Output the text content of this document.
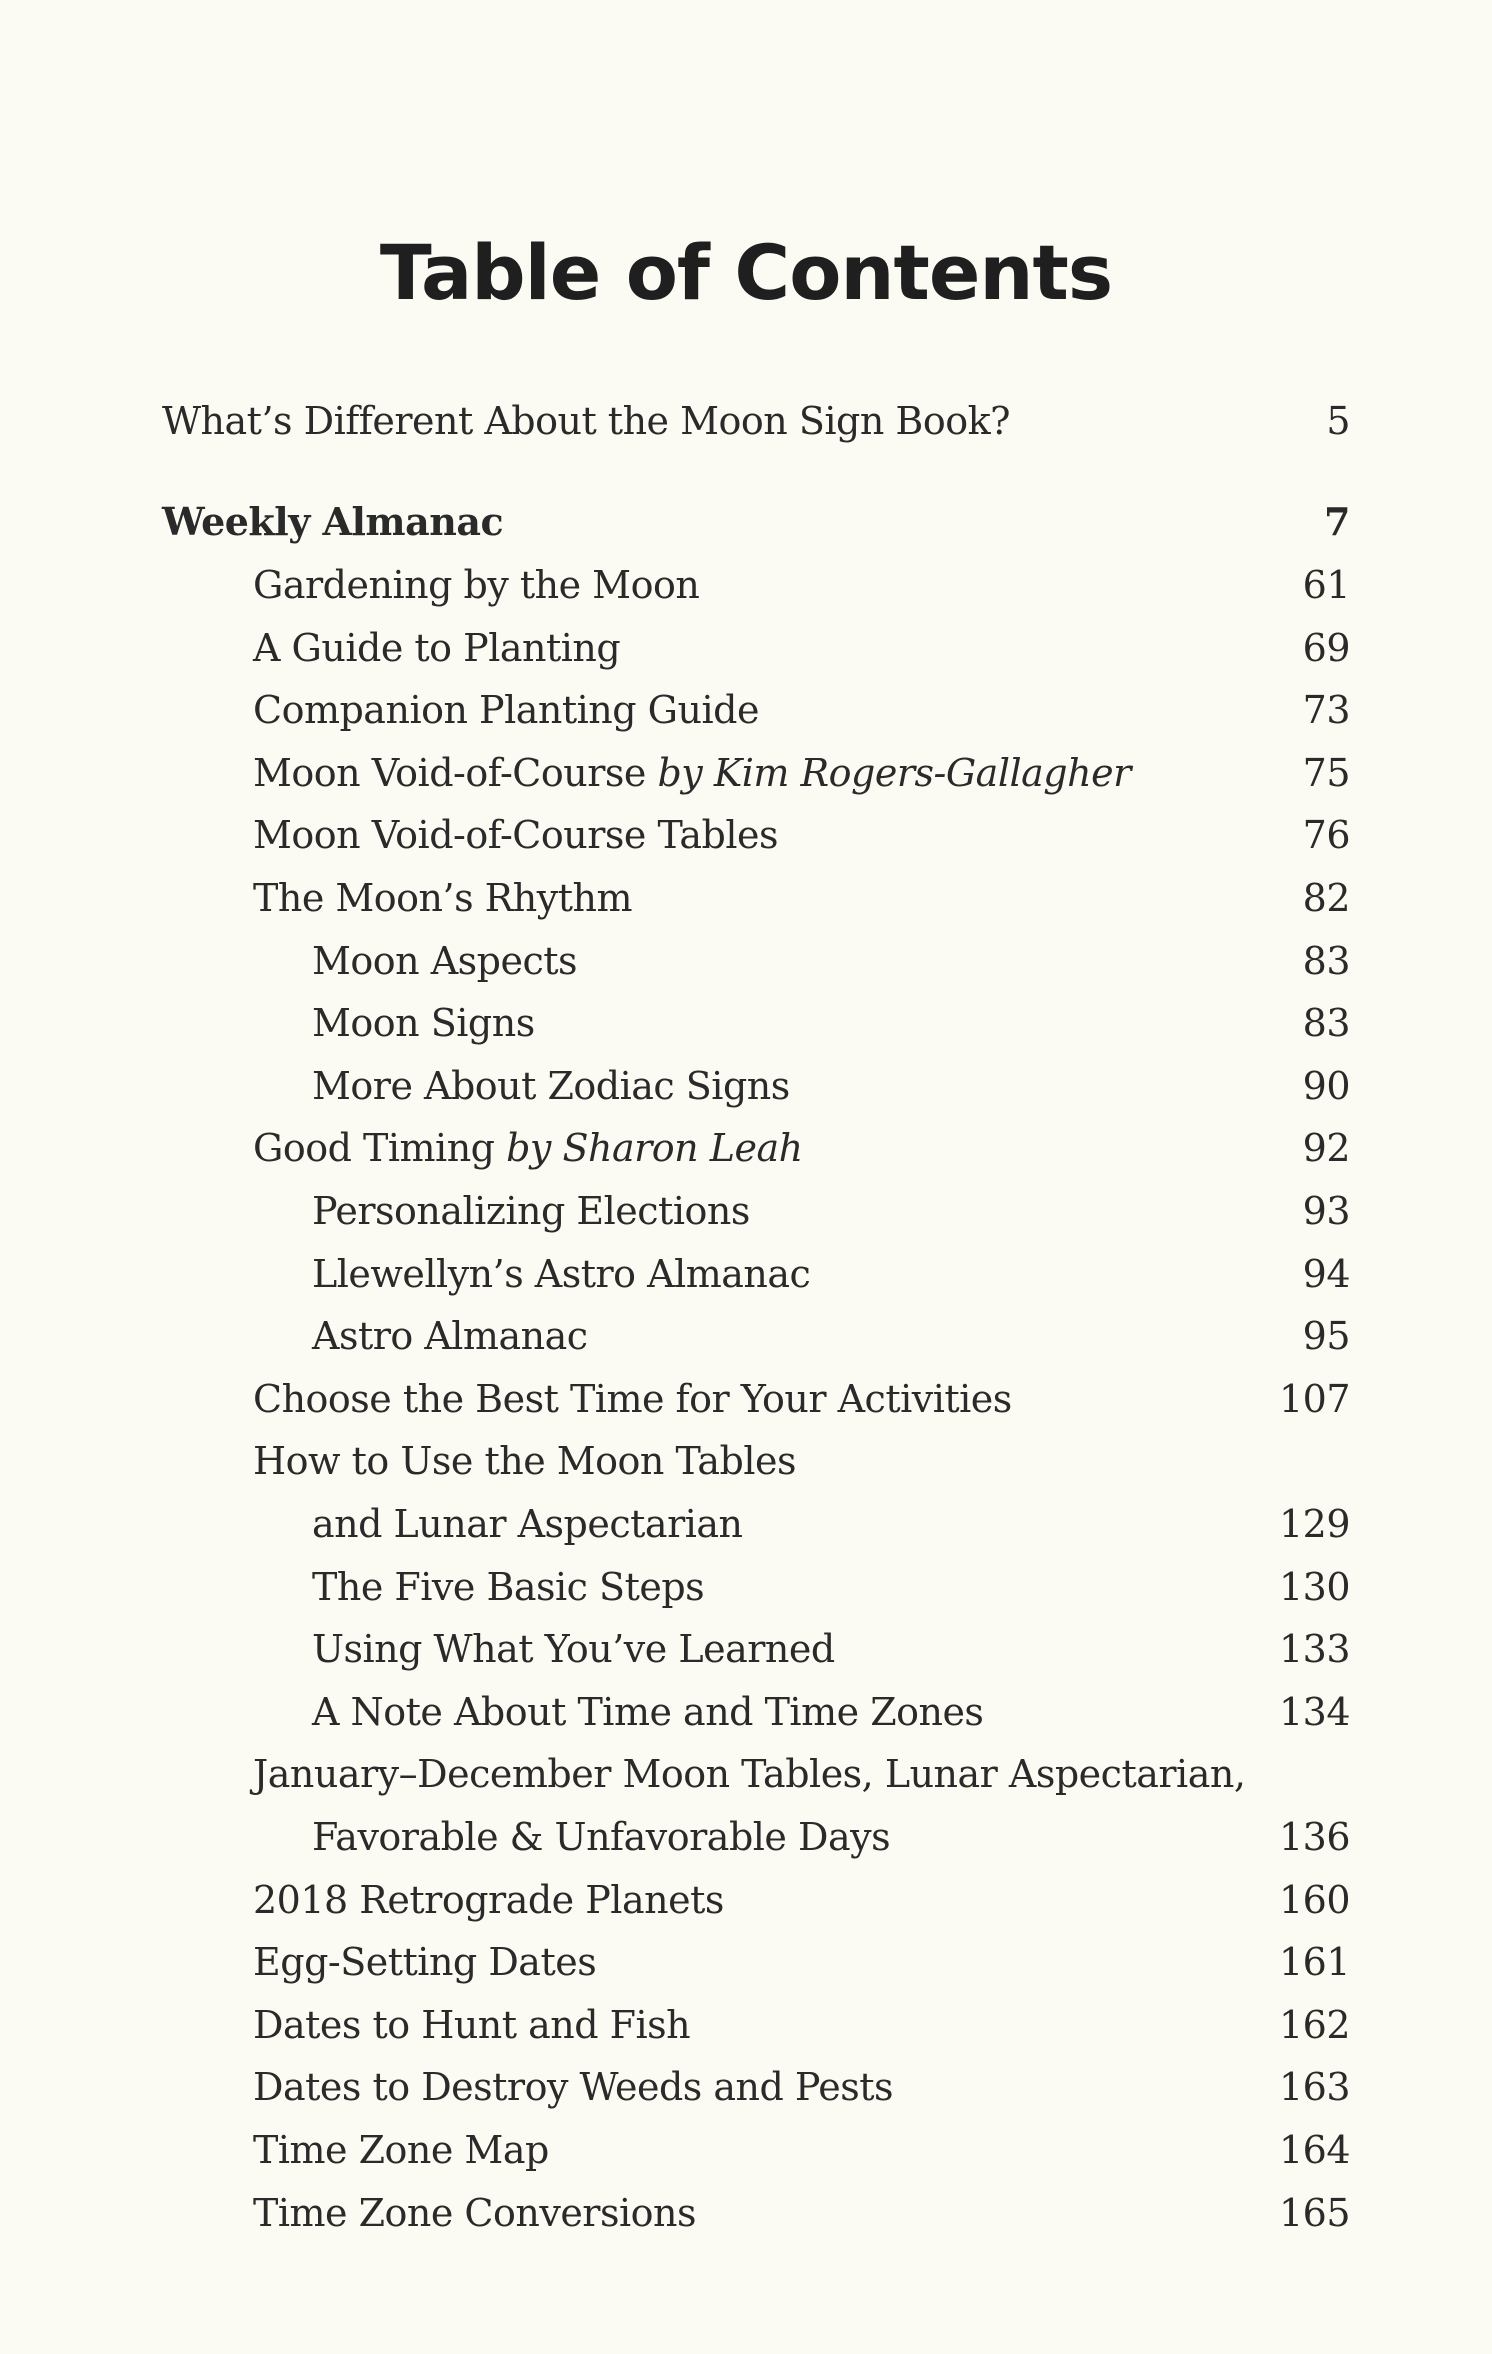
Table of Contents
What’s Different About the Moon Sign Book?	5
Weekly Almanac	7
Gardening by the Moon	61
A Guide to Planting	69
Companion Planting Guide	73
Moon Void-of-Course by Kim Rogers-Gallagher	75
Moon Void-of-Course Tables	76
The Moon’s Rhythm	82
Moon Aspects	83
Moon Signs	83
More About Zodiac Signs	90
Good Timing by Sharon Leah	92
Personalizing Elections	93
Llewellyn’s Astro Almanac	94
Astro Almanac	95
Choose the Best Time for Your Activities	107
How to Use the Moon Tables
and Lunar Aspectarian	129
The Five Basic Steps	130
Using What You’ve Learned	133
A Note About Time and Time Zones	134
January–December Moon Tables, Lunar Aspectarian,
Favorable & Unfavorable Days	136
2018 Retrograde Planets	160
Egg-Setting Dates	161
Dates to Hunt and Fish	162
Dates to Destroy Weeds and Pests	163
Time Zone Map	164
Time Zone Conversions	165
